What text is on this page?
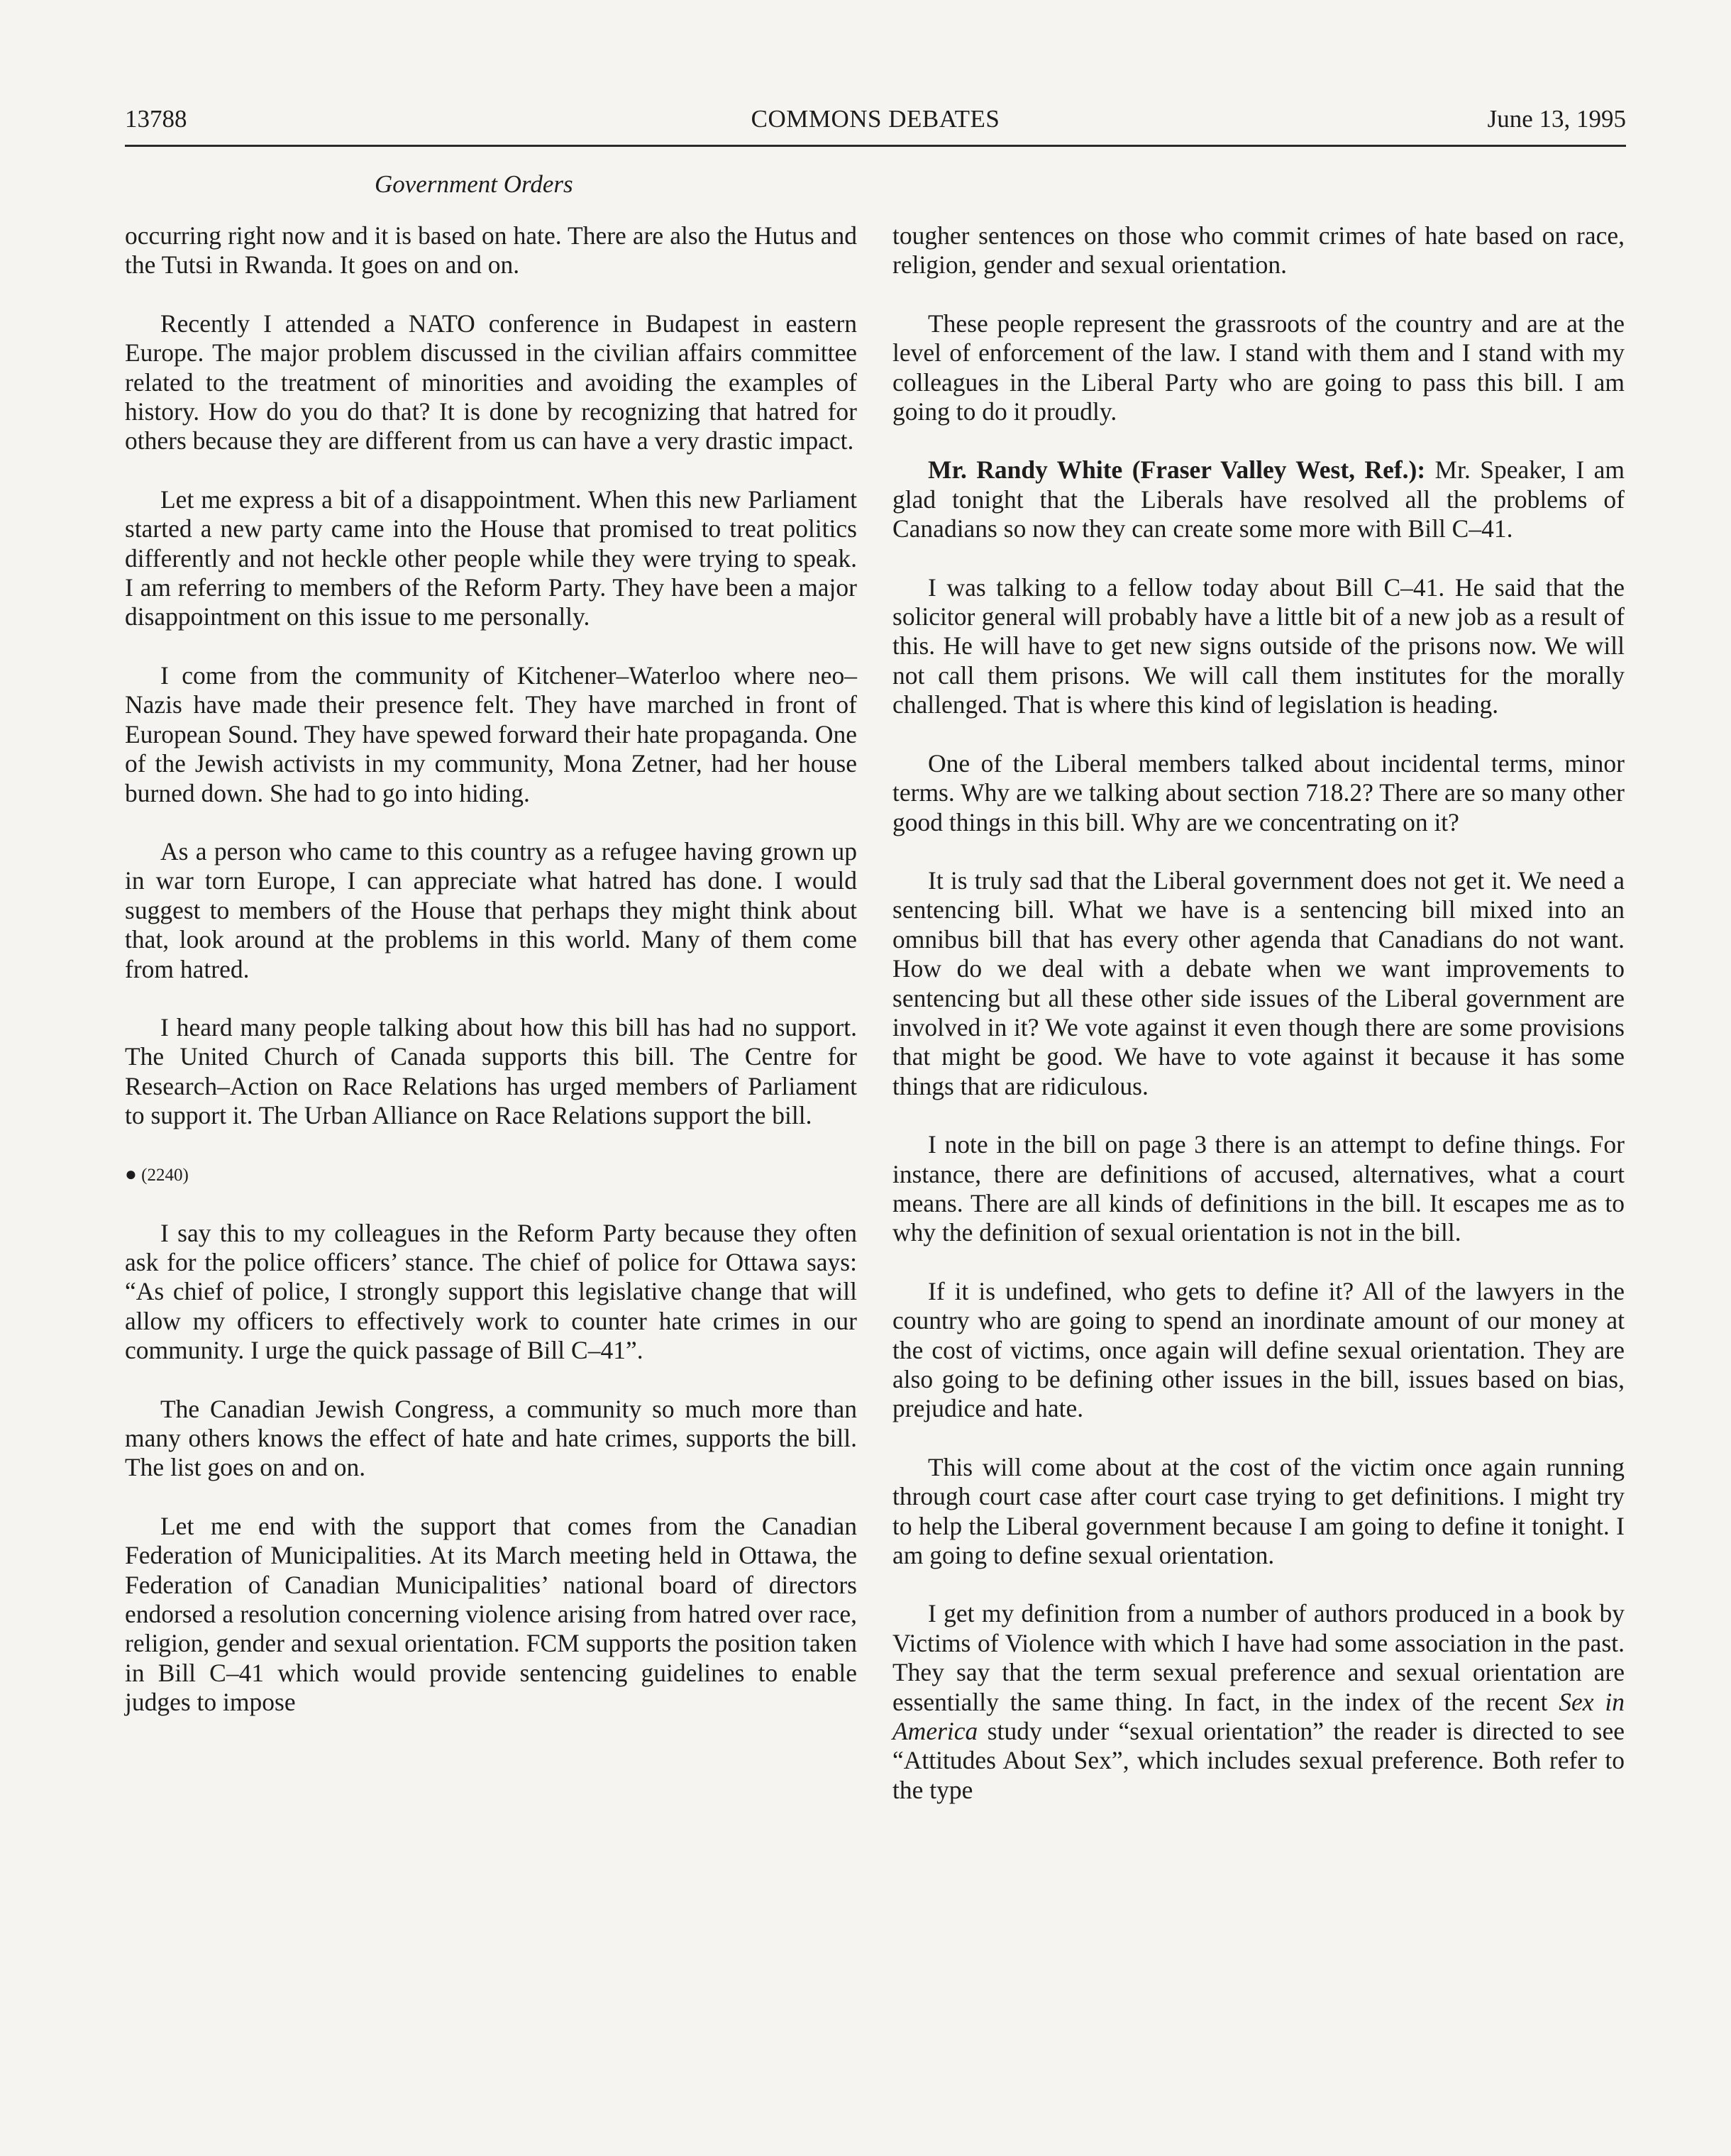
13788	COMMONS DEBATES	June 13, 1995
Government Orders

occurring right now and it is based on hate. There are also the Hutus and the Tutsi in Rwanda. It goes on and on.

Recently I attended a NATO conference in Budapest in eastern Europe. The major problem discussed in the civilian affairs committee related to the treatment of minorities and avoiding the examples of history. How do you do that? It is done by recognizing that hatred for others because they are different from us can have a very drastic impact.

Let me express a bit of a disappointment. When this new Parliament started a new party came into the House that promised to treat politics differently and not heckle other people while they were trying to speak. I am referring to members of the Reform Party. They have been a major disappointment on this issue to me personally.

I come from the community of Kitchener–Waterloo where neo–Nazis have made their presence felt. They have marched in front of European Sound. They have spewed forward their hate propaganda. One of the Jewish activists in my community, Mona Zetner, had her house burned down. She had to go into hiding.

As a person who came to this country as a refugee having grown up in war torn Europe, I can appreciate what hatred has done. I would suggest to members of the House that perhaps they might think about that, look around at the problems in this world. Many of them come from hatred.

I heard many people talking about how this bill has had no support. The United Church of Canada supports this bill. The Centre for Research–Action on Race Relations has urged members of Parliament to support it. The Urban Alliance on Race Relations support the bill.

● (2240)

I say this to my colleagues in the Reform Party because they often ask for the police officers’ stance. The chief of police for Ottawa says: “As chief of police, I strongly support this legislative change that will allow my officers to effectively work to counter hate crimes in our community. I urge the quick passage of Bill C–41”.

The Canadian Jewish Congress, a community so much more than many others knows the effect of hate and hate crimes, supports the bill. The list goes on and on.

Let me end with the support that comes from the Canadian Federation of Municipalities. At its March meeting held in Ottawa, the Federation of Canadian Municipalities’ national board of directors endorsed a resolution concerning violence arising from hatred over race, religion, gender and sexual orientation. FCM supports the position taken in Bill C–41 which would provide sentencing guidelines to enable judges to impose

tougher sentences on those who commit crimes of hate based on race, religion, gender and sexual orientation.

These people represent the grassroots of the country and are at the level of enforcement of the law. I stand with them and I stand with my colleagues in the Liberal Party who are going to pass this bill. I am going to do it proudly.

Mr. Randy White (Fraser Valley West, Ref.): Mr. Speaker, I am glad tonight that the Liberals have resolved all the problems of Canadians so now they can create some more with Bill C–41.

I was talking to a fellow today about Bill C–41. He said that the solicitor general will probably have a little bit of a new job as a result of this. He will have to get new signs outside of the prisons now. We will not call them prisons. We will call them institutes for the morally challenged. That is where this kind of legislation is heading.

One of the Liberal members talked about incidental terms, minor terms. Why are we talking about section 718.2? There are so many other good things in this bill. Why are we concentrating on it?

It is truly sad that the Liberal government does not get it. We need a sentencing bill. What we have is a sentencing bill mixed into an omnibus bill that has every other agenda that Canadians do not want. How do we deal with a debate when we want improvements to sentencing but all these other side issues of the Liberal government are involved in it? We vote against it even though there are some provisions that might be good. We have to vote against it because it has some things that are ridiculous.

I note in the bill on page 3 there is an attempt to define things. For instance, there are definitions of accused, alternatives, what a court means. There are all kinds of definitions in the bill. It escapes me as to why the definition of sexual orientation is not in the bill.

If it is undefined, who gets to define it? All of the lawyers in the country who are going to spend an inordinate amount of our money at the cost of victims, once again will define sexual orientation. They are also going to be defining other issues in the bill, issues based on bias, prejudice and hate.

This will come about at the cost of the victim once again running through court case after court case trying to get definitions. I might try to help the Liberal government because I am going to define it tonight. I am going to define sexual orientation.

I get my definition from a number of authors produced in a book by Victims of Violence with which I have had some association in the past. They say that the term sexual preference and sexual orientation are essentially the same thing. In fact, in the index of the recent Sex in America study under “sexual orientation” the reader is directed to see “Attitudes About Sex”, which includes sexual preference. Both refer to the type
